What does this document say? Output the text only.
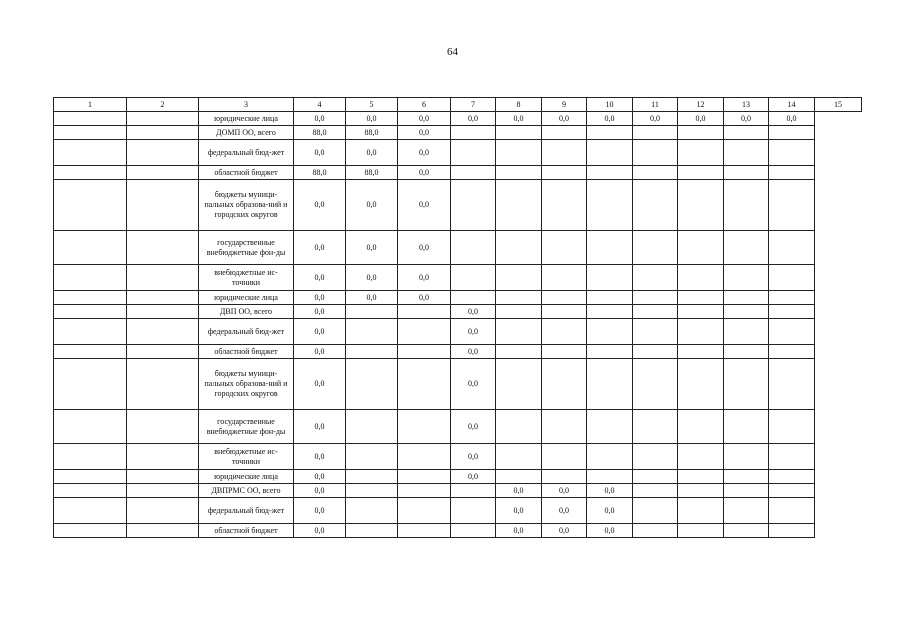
64
1	2	3	4	5	6	7	8	9	10	11	12	13	14	15
		юридические лица	0,0	0,0	0,0	0,0	0,0	0,0	0,0	0,0	0,0	0,0	0,0	
		ДОМП ОО, всего	88,0	88,0	0,0									
		федеральный бюд-жет	0,0	0,0	0,0									
		областной бюджет	88,0	88,0	0,0									
		бюджеты муници-пальных образова-ний и городских округов	0,0	0,0	0,0									
		государственные внебюджетные фон-ды	0,0	0,0	0,0									
		внебюджетные ис-точники	0,0	0,0	0,0									
		юридические лица	0,0	0,0	0,0									
		ДВП ОО, всего	0,0			0,0								
		федеральный бюд-жет	0,0			0,0								
		областной бюджет	0,0			0,0								
		бюджеты муници-пальных образова-ний и городских округов	0,0			0,0								
		государственные внебюджетные фон-ды	0,0			0,0								
		внебюджетные ис-точники	0,0			0,0								
		юридические лица	0,0			0,0								
		ДВПРМС ОО, всего	0,0				0,0	0,0	0,0					
		федеральный бюд-жет	0,0				0,0	0,0	0,0					
		областной бюджет	0,0				0,0	0,0	0,0					
